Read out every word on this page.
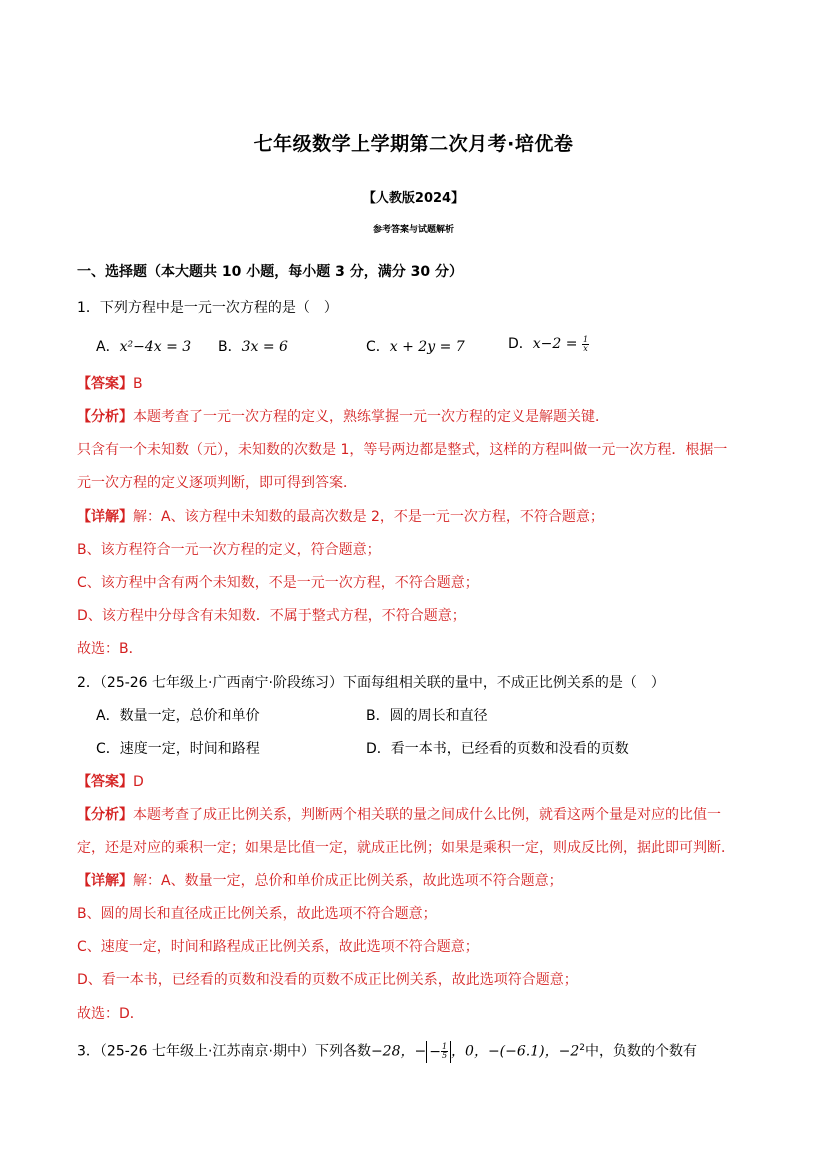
七年级数学上学期第二次月考·培优卷
【人教版2024】
参考答案与试题解析
一、选择题（本大题共 10 小题，每小题 3 分，满分 30 分）
1．下列方程中是一元一次方程的是（　）
A．x²−4x = 3 B．3x = 6	C．x + 2y = 7	D．$x-2 = \frac{1}{x}$
【答案】B
【分析】本题考查了一元一次方程的定义，熟练掌握一元一次方程的定义是解题关键．
只含有一个未知数（元），未知数的次数是 1，等号两边都是整式，这样的方程叫做一元一次方程．根据一
元一次方程的定义逐项判断，即可得到答案．
【详解】解：A、该方程中未知数的最高次数是 2，不是一元一次方程，不符合题意；
B、该方程符合一元一次方程的定义，符合题意；
C、该方程中含有两个未知数，不是一元一次方程，不符合题意；
D、该方程中分母含有未知数．不属于整式方程，不符合题意；
故选：B．
2．（25-26 七年级上·广西南宁·阶段练习）下面每组相关联的量中，不成正比例关系的是（　）
A．数量一定，总价和单价	B．圆的周长和直径
C．速度一定，时间和路程	D．看一本书，已经看的页数和没看的页数
【答案】D
【分析】本题考查了成正比例关系，判断两个相关联的量之间成什么比例，就看这两个量是对应的比值一
定，还是对应的乘积一定；如果是比值一定，就成正比例；如果是乘积一定，则成反比例，据此即可判断．
【详解】解：A、数量一定，总价和单价成正比例关系，故此选项不符合题意；
B、圆的周长和直径成正比例关系，故此选项不符合题意；
C、速度一定，时间和路程成正比例关系，故此选项不符合题意；
D、看一本书，已经看的页数和没看的页数不成正比例关系，故此选项符合题意；
故选：D．
3．（25-26 七年级上·江苏南京·期中）下列各数−28，− − $\frac{1}{5}$ ，0，−(−6.1)，$-2^2$中，负数的个数有
